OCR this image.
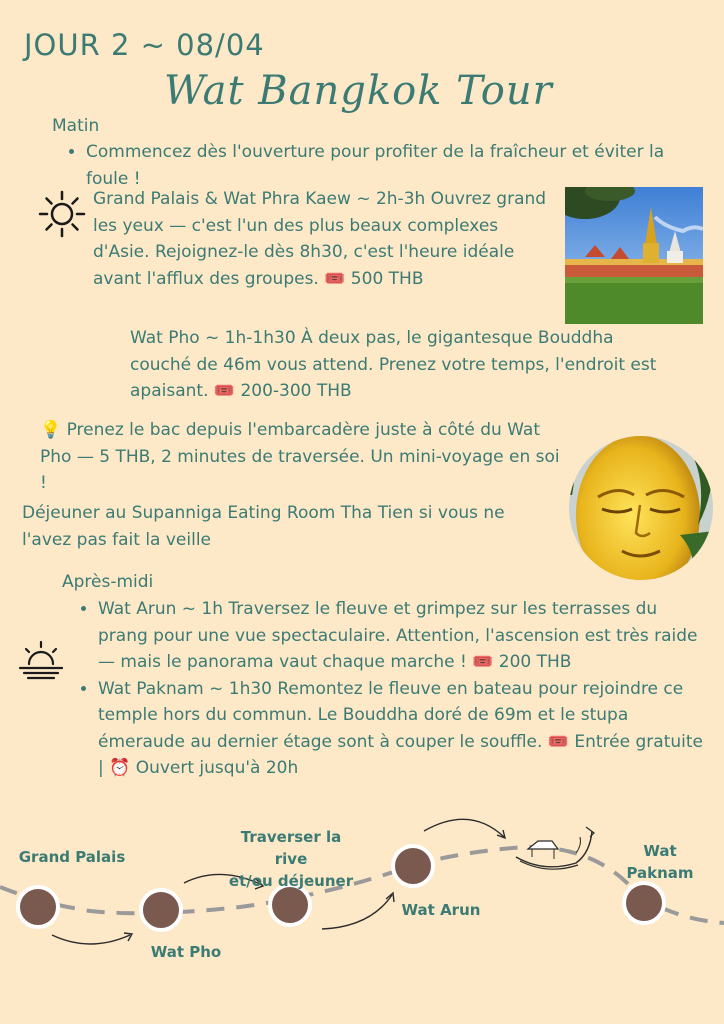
JOUR 2 ~ 08/04
Wat Bangkok Tour
Matin
• Commencez dès l'ouverture pour profiter de la fraîcheur et éviter la foule !
Grand Palais & Wat Phra Kaew ~ 2h-3h Ouvrez grand les yeux — c'est l'un des plus beaux complexes d'Asie. Rejoignez-le dès 8h30, c'est l'heure idéale avant l'afflux des groupes. 🎟️ 500 THB
Wat Pho ~ 1h-1h30 À deux pas, le gigantesque Bouddha couché de 46m vous attend. Prenez votre temps, l'endroit est apaisant. 🎟️ 200-300 THB
💡 Prenez le bac depuis l'embarcadère juste à côté du Wat Pho — 5 THB, 2 minutes de traversée. Un mini-voyage en soi !
Déjeuner au Supanniga Eating Room Tha Tien si vous ne l'avez pas fait la veille
Après-midi
• Wat Arun ~ 1h Traversez le fleuve et grimpez sur les terrasses du prang pour une vue spectaculaire. Attention, l'ascension est très raide — mais le panorama vaut chaque marche ! 🎟️ 200 THB
• Wat Paknam ~ 1h30 Remontez le fleuve en bateau pour rejoindre ce temple hors du commun. Le Bouddha doré de 69m et le stupa émeraude au dernier étage sont à couper le souffle. 🎟️ Entrée gratuite | ⏰ Ouvert jusqu'à 20h
Grand Palais
Wat Pho
Traverser la rive
et/ou déjeuner
Wat Arun
Wat
Paknam
